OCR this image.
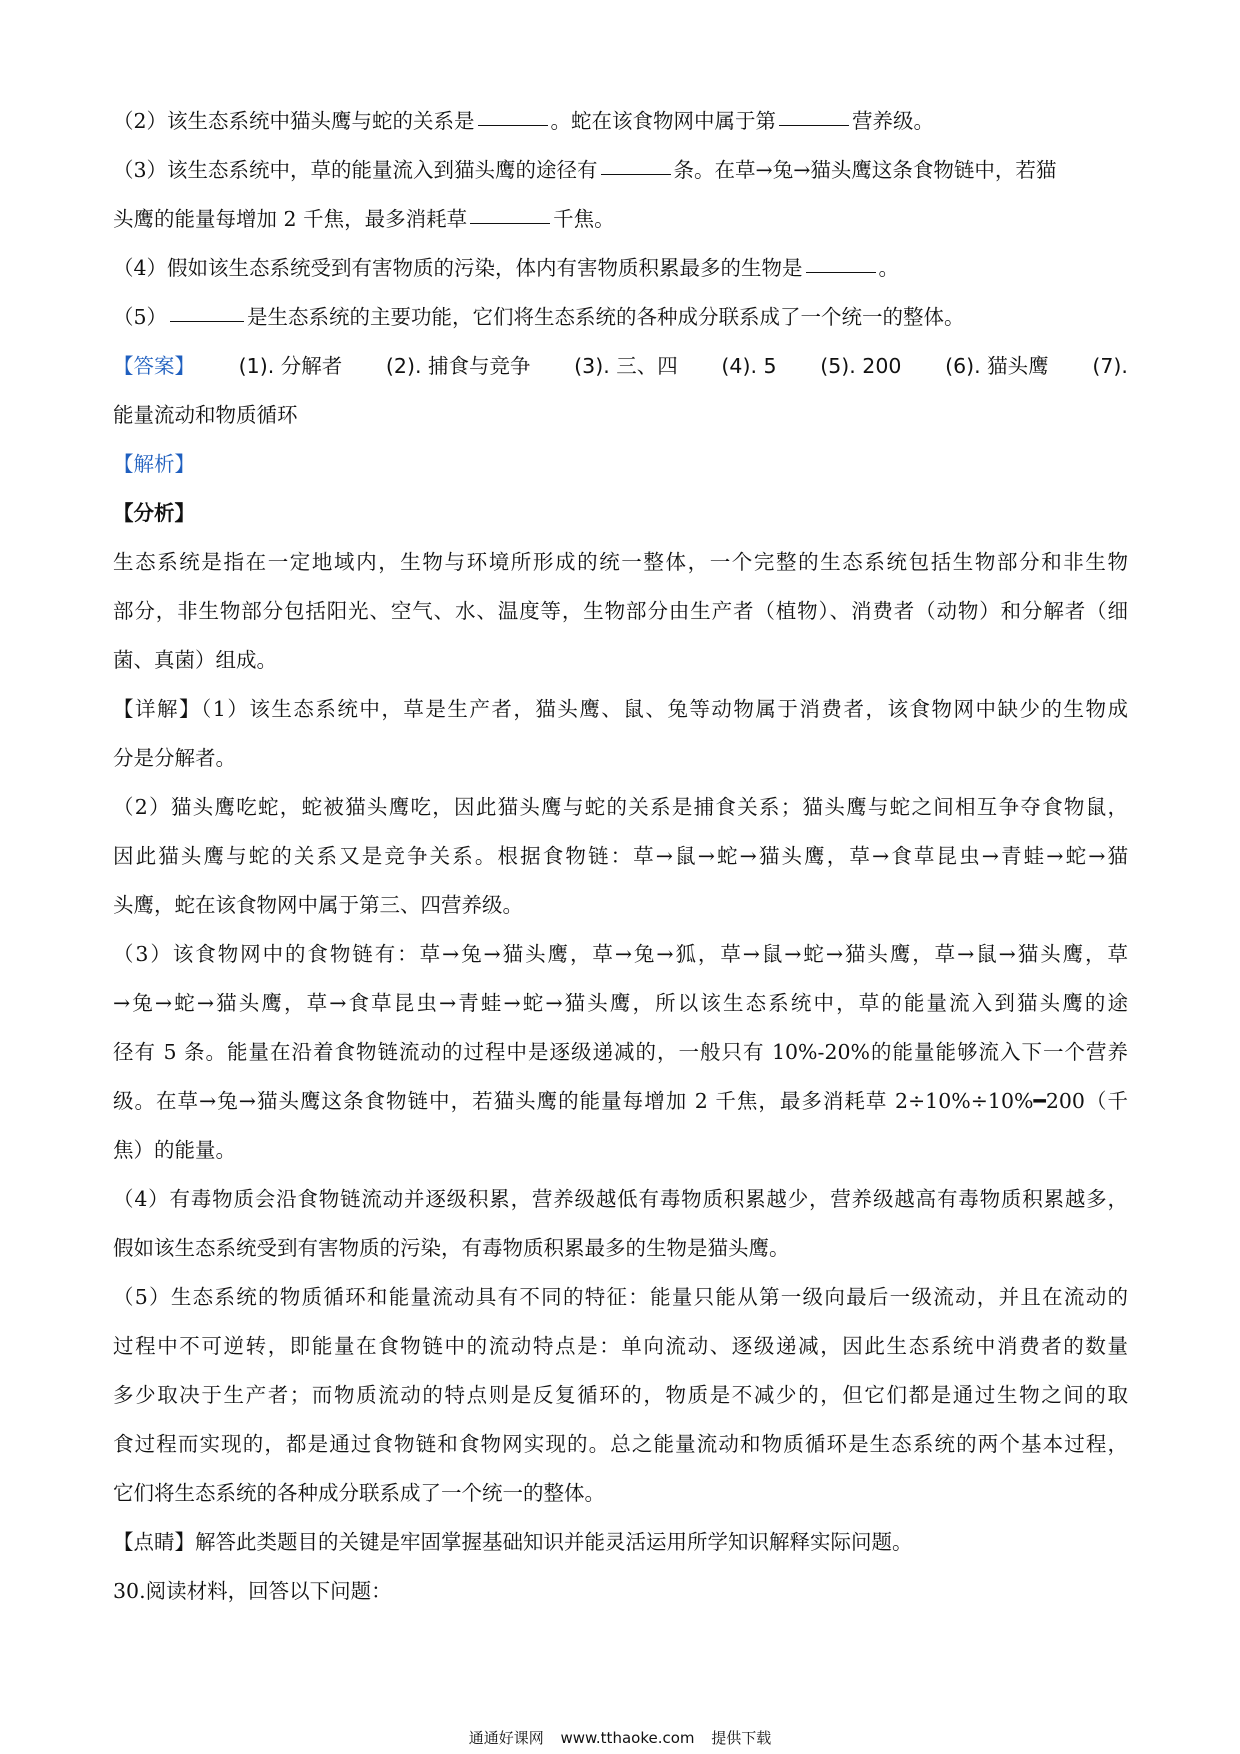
（2）该生态系统中猫头鹰与蛇的关系是	。蛇在该食物网中属于第	营养级。
（3）该生态系统中，草的能量流入到猫头鹰的途径有	条。在草→兔→猫头鹰这条食物链中，若猫
头鹰的能量每增加 2 千焦，最多消耗草	千焦。
（4）假如该生态系统受到有害物质的污染，体内有害物质积累最多的生物是	。
（5）	是生态系统的主要功能，它们将生态系统的各种成分联系成了一个统一的整体。
【答案】 (1). 分解者 (2). 捕食与竞争 (3). 三、四 (4). 5 (5). 200 (6). 猫头鹰 (7).
能量流动和物质循环
【解析】
【分析】
生态系统是指在一定地域内，生物与环境所形成的统一整体，一个完整的生态系统包括生物部分和非生物
部分，非生物部分包括阳光、空气、水、温度等，生物部分由生产者（植物）、消费者（动物）和分解者（细
菌、真菌）组成。
【详解】（1）该生态系统中，草是生产者，猫头鹰、鼠、兔等动物属于消费者，该食物网中缺少的生物成
分是分解者。
（2）猫头鹰吃蛇，蛇被猫头鹰吃，因此猫头鹰与蛇的关系是捕食关系；猫头鹰与蛇之间相互争夺食物鼠，
因此猫头鹰与蛇的关系又是竞争关系。根据食物链：草→鼠→蛇→猫头鹰，草→食草昆虫→青蛙→蛇→猫
头鹰，蛇在该食物网中属于第三、四营养级。
（3）该食物网中的食物链有：草→兔→猫头鹰，草→兔→狐，草→鼠→蛇→猫头鹰，草→鼠→猫头鹰，草
→兔→蛇→猫头鹰，草→食草昆虫→青蛙→蛇→猫头鹰，所以该生态系统中，草的能量流入到猫头鹰的途
径有 5 条。能量在沿着食物链流动的过程中是逐级递减的，一般只有 10%-20%的能量能够流入下一个营养
级。在草→兔→猫头鹰这条食物链中，若猫头鹰的能量每增加 2 千焦，最多消耗草 2÷10%÷10%━200（千
焦）的能量。
（4）有毒物质会沿食物链流动并逐级积累，营养级越低有毒物质积累越少，营养级越高有毒物质积累越多，
假如该生态系统受到有害物质的污染，有毒物质积累最多的生物是猫头鹰。
（5）生态系统的物质循环和能量流动具有不同的特征：能量只能从第一级向最后一级流动，并且在流动的
过程中不可逆转，即能量在食物链中的流动特点是：单向流动、逐级递减，因此生态系统中消费者的数量
多少取决于生产者；而物质流动的特点则是反复循环的，物质是不减少的，但它们都是通过生物之间的取
食过程而实现的，都是通过食物链和食物网实现的。总之能量流动和物质循环是生态系统的两个基本过程，
它们将生态系统的各种成分联系成了一个统一的整体。
【点睛】解答此类题目的关键是牢固掌握基础知识并能灵活运用所学知识解释实际问题。
30.阅读材料，回答以下问题：
通通好课网 www.tthaoke.com 提供下载
